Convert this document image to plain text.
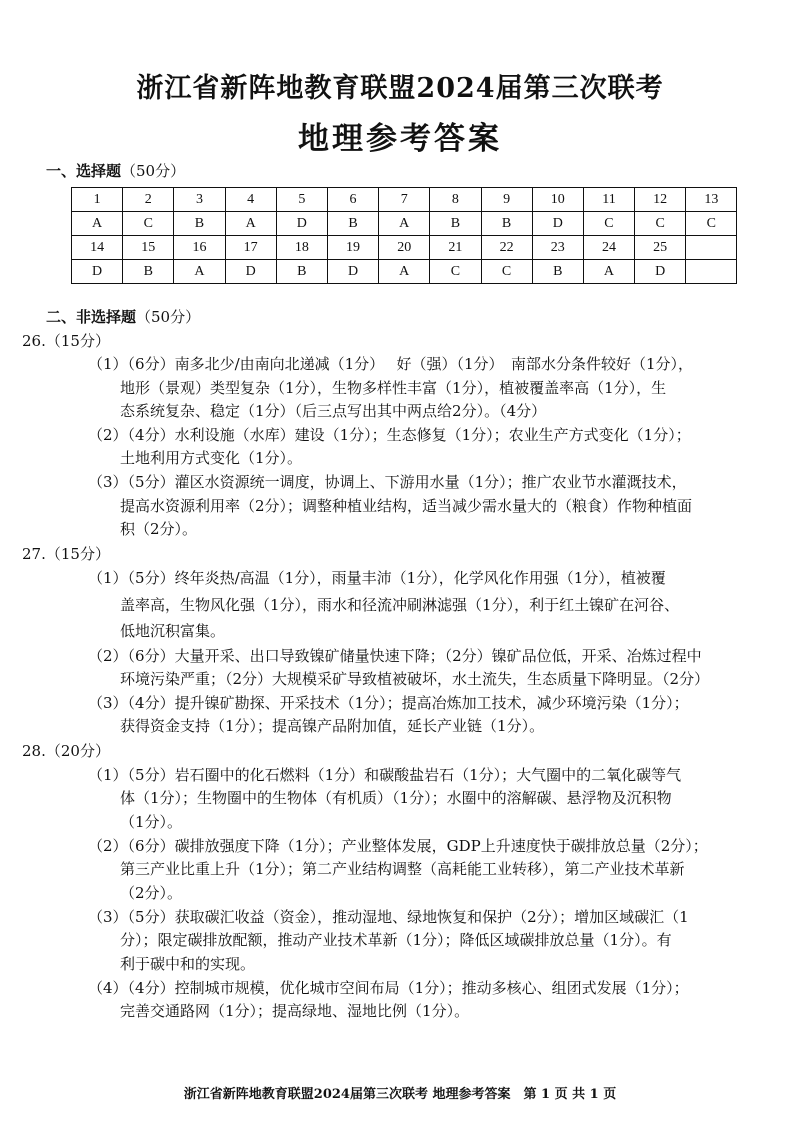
浙江省新阵地教育联盟2024届第三次联考
地理参考答案
一、选择题（50分）
1	2	3	4	5	6	7	8	9	10	11	12	13
A	C	B	A	D	B	A	B	B	D	C	C	C
14	15	16	17	18	19	20	21	22	23	24	25	
D	B	A	D	B	D	A	C	C	B	A	D	
二、非选择题（50分）
26.（15分）
（1）（6分）南多北少/由南向北递减（1分）　 好（强）（1分）　南部水分条件较好（1分），
地形（景观）类型复杂（1分），生物多样性丰富（1分），植被覆盖率高（1分），生
态系统复杂、稳定（1分）（后三点写出其中两点给2分）。（4分）
（2）（4分）水利设施（水库）建设（1分）；生态修复（1分）；农业生产方式变化（1分）；
土地利用方式变化（1分）。
（3）（5分）灌区水资源统一调度，协调上、下游用水量（1分）；推广农业节水灌溉技术，
提高水资源利用率（2分）；调整种植业结构，适当减少需水量大的（粮食）作物种植面
积（2分）。
27.（15分）
（1）（5分）终年炎热/高温（1分），雨量丰沛（1分），化学风化作用强（1分），植被覆
盖率高，生物风化强（1分），雨水和径流冲刷淋滤强（1分），利于红土镍矿在河谷、
低地沉积富集。
（2）（6分）大量开采、出口导致镍矿储量快速下降；（2分）镍矿品位低，开采、冶炼过程中
环境污染严重；（2分）大规模采矿导致植被破坏，水土流失，生态质量下降明显。（2分）
（3）（4分）提升镍矿勘探、开采技术（1分）；提高冶炼加工技术，减少环境污染（1分）；
获得资金支持（1分）；提高镍产品附加值，延长产业链（1分）。
28.（20分）
（1）（5分）岩石圈中的化石燃料（1分）和碳酸盐岩石（1分）；大气圈中的二氧化碳等气
体（1分）；生物圈中的生物体（有机质）（1分）；水圈中的溶解碳、悬浮物及沉积物
（1分）。
（2）（6分）碳排放强度下降（1分）；产业整体发展，GDP上升速度快于碳排放总量（2分）；
第三产业比重上升（1分）；第二产业结构调整（高耗能工业转移），第二产业技术革新
（2分）。
（3）（5分）获取碳汇收益（资金），推动湿地、绿地恢复和保护（2分）；增加区域碳汇（1
分）；限定碳排放配额，推动产业技术革新（1分）；降低区域碳排放总量（1分）。有
利于碳中和的实现。
（4）（4分）控制城市规模，优化城市空间布局（1分）；推动多核心、组团式发展（1分）；
完善交通路网（1分）；提高绿地、湿地比例（1分）。
浙江省新阵地教育联盟2024届第三次联考 地理参考答案　第 1 页 共 1 页
